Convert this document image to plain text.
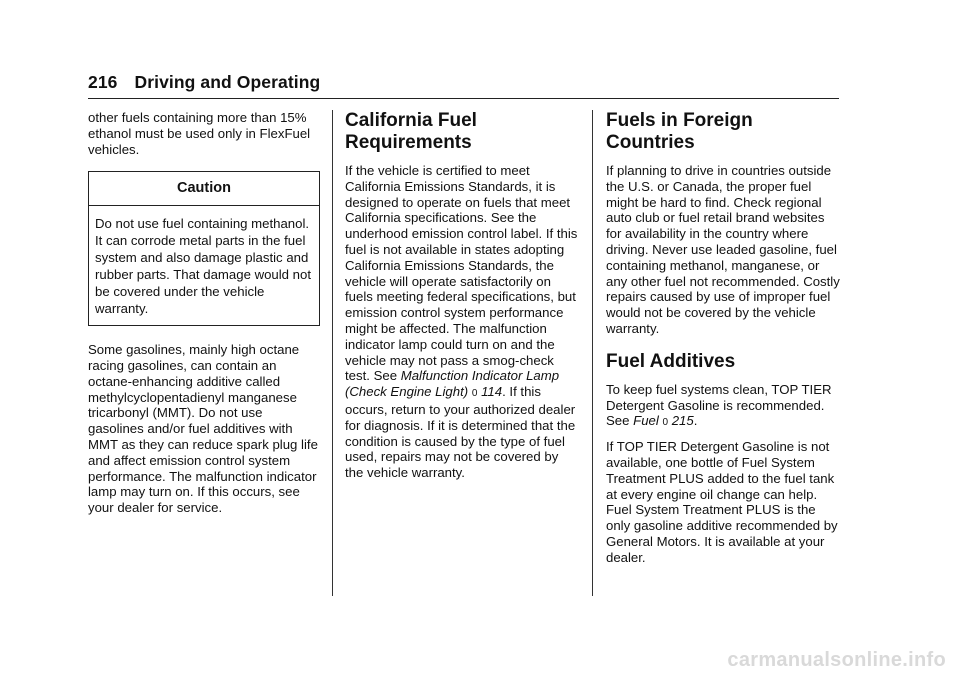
216 Driving and Operating

other fuels containing more than 15% ethanol must be used only in FlexFuel vehicles.

Caution
Do not use fuel containing methanol. It can corrode metal parts in the fuel system and also damage plastic and rubber parts. That damage would not be covered under the vehicle warranty.

Some gasolines, mainly high octane racing gasolines, can contain an octane-enhancing additive called methylcyclopentadienyl manganese tricarbonyl (MMT). Do not use gasolines and/or fuel additives with MMT as they can reduce spark plug life and affect emission control system performance. The malfunction indicator lamp may turn on. If this occurs, see your dealer for service.

California Fuel Requirements

If the vehicle is certified to meet California Emissions Standards, it is designed to operate on fuels that meet California specifications. See the underhood emission control label. If this fuel is not available in states adopting California Emissions Standards, the vehicle will operate satisfactorily on fuels meeting federal specifications, but emission control system performance might be affected. The malfunction indicator lamp could turn on and the vehicle may not pass a smog-check test. See Malfunction Indicator Lamp (Check Engine Light) 0 114. If this occurs, return to your authorized dealer for diagnosis. If it is determined that the condition is caused by the type of fuel used, repairs may not be covered by the vehicle warranty.

Fuels in Foreign Countries

If planning to drive in countries outside the U.S. or Canada, the proper fuel might be hard to find. Check regional auto club or fuel retail brand websites for availability in the country where driving. Never use leaded gasoline, fuel containing methanol, manganese, or any other fuel not recommended. Costly repairs caused by use of improper fuel would not be covered by the vehicle warranty.

Fuel Additives

To keep fuel systems clean, TOP TIER Detergent Gasoline is recommended. See Fuel 0 215.

If TOP TIER Detergent Gasoline is not available, one bottle of Fuel System Treatment PLUS added to the fuel tank at every engine oil change can help. Fuel System Treatment PLUS is the only gasoline additive recommended by General Motors. It is available at your dealer.

carmanualsonline.info
